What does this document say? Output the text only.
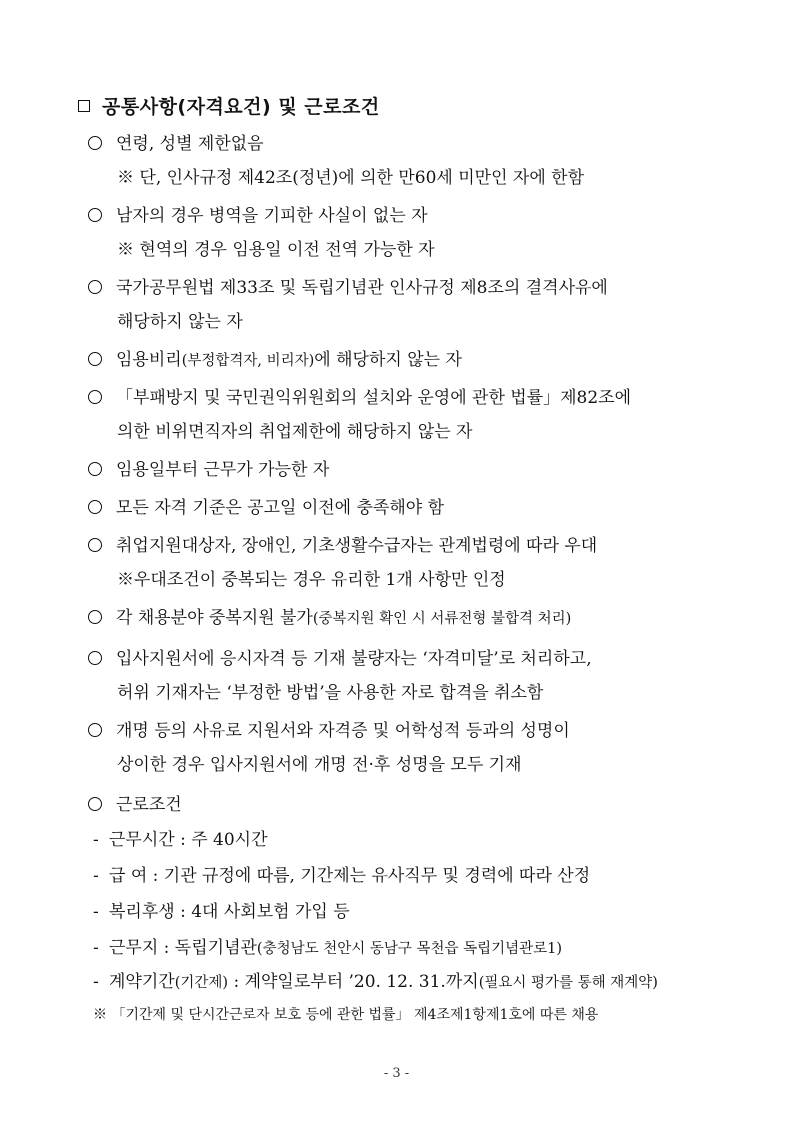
공통사항(자격요건) 및 근로조건
연령, 성별 제한없음
※ 단, 인사규정 제42조(정년)에 의한 만60세 미만인 자에 한함
남자의 경우 병역을 기피한 사실이 없는 자
※ 현역의 경우 임용일 이전 전역 가능한 자
국가공무원법 제33조 및 독립기념관 인사규정 제8조의 결격사유에
해당하지 않는 자
임용비리(부정합격자, 비리자)에 해당하지 않는 자
「부패방지 및 국민권익위원회의 설치와 운영에 관한 법률」제82조에
의한 비위면직자의 취업제한에 해당하지 않는 자
임용일부터 근무가 가능한 자
모든 자격 기준은 공고일 이전에 충족해야 함
취업지원대상자, 장애인, 기초생활수급자는 관계법령에 따라 우대
※우대조건이 중복되는 경우 유리한 1개 사항만 인정
각 채용분야 중복지원 불가(중복지원 확인 시 서류전형 불합격 처리)
입사지원서에 응시자격 등 기재 불량자는 ‘자격미달’로 처리하고,
허위 기재자는 ‘부정한 방법’을 사용한 자로 합격을 취소함
개명 등의 사유로 지원서와 자격증 및 어학성적 등과의 성명이
상이한 경우 입사지원서에 개명 전·후 성명을 모두 기재
근로조건
- 근무시간 : 주 40시간
- 급 여 : 기관 규정에 따름, 기간제는 유사직무 및 경력에 따라 산정
- 복리후생 : 4대 사회보험 가입 등
- 근무지 : 독립기념관(충청남도 천안시 동남구 목천읍 독립기념관로1)
- 계약기간(기간제) : 계약일로부터 ’20. 12. 31.까지(필요시 평가를 통해 재계약)
※ 「기간제 및 단시간근로자 보호 등에 관한 법률」 제4조제1항제1호에 따른 채용
- 3 -
